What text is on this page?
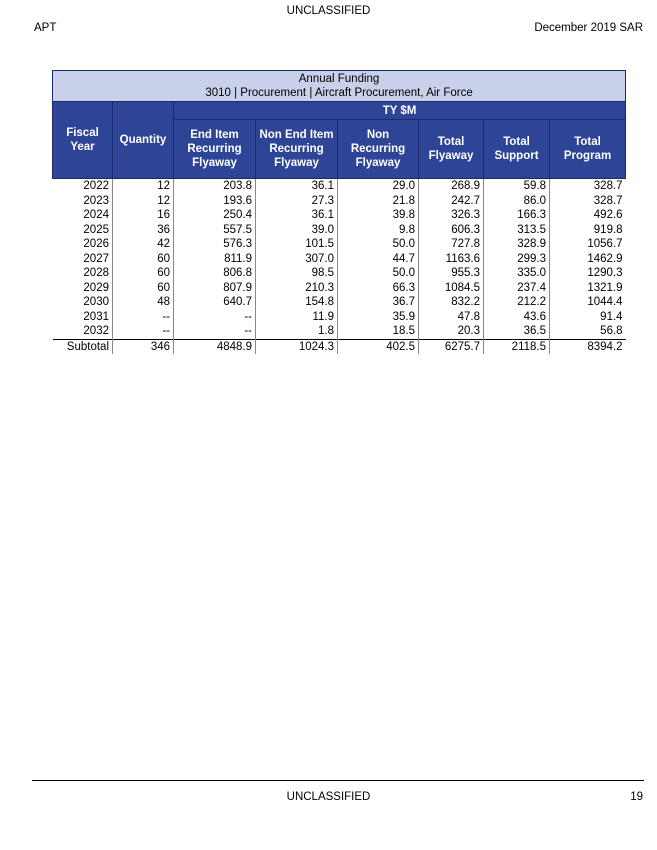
UNCLASSIFIED
APT	December 2019 SAR
Annual Funding							
3010 | Procurement | Aircraft Procurement, Air Force							
Fiscal Year	Quantity	TY $M					
		End Item Recurring Flyaway	Non End Item Recurring Flyaway	Non Recurring Flyaway	Total Flyaway	Total Support	Total Program
2022	12	203.8	36.1	29.0	268.9	59.8	328.7
2023	12	193.6	27.3	21.8	242.7	86.0	328.7
2024	16	250.4	36.1	39.8	326.3	166.3	492.6
2025	36	557.5	39.0	9.8	606.3	313.5	919.8
2026	42	576.3	101.5	50.0	727.8	328.9	1056.7
2027	60	811.9	307.0	44.7	1163.6	299.3	1462.9
2028	60	806.8	98.5	50.0	955.3	335.0	1290.3
2029	60	807.9	210.3	66.3	1084.5	237.4	1321.9
2030	48	640.7	154.8	36.7	832.2	212.2	1044.4
2031	--	--	11.9	35.9	47.8	43.6	91.4
2032	--	--	1.8	18.5	20.3	36.5	56.8
Subtotal	346	4848.9	1024.3	402.5	6275.7	2118.5	8394.2
UNCLASSIFIED	19
